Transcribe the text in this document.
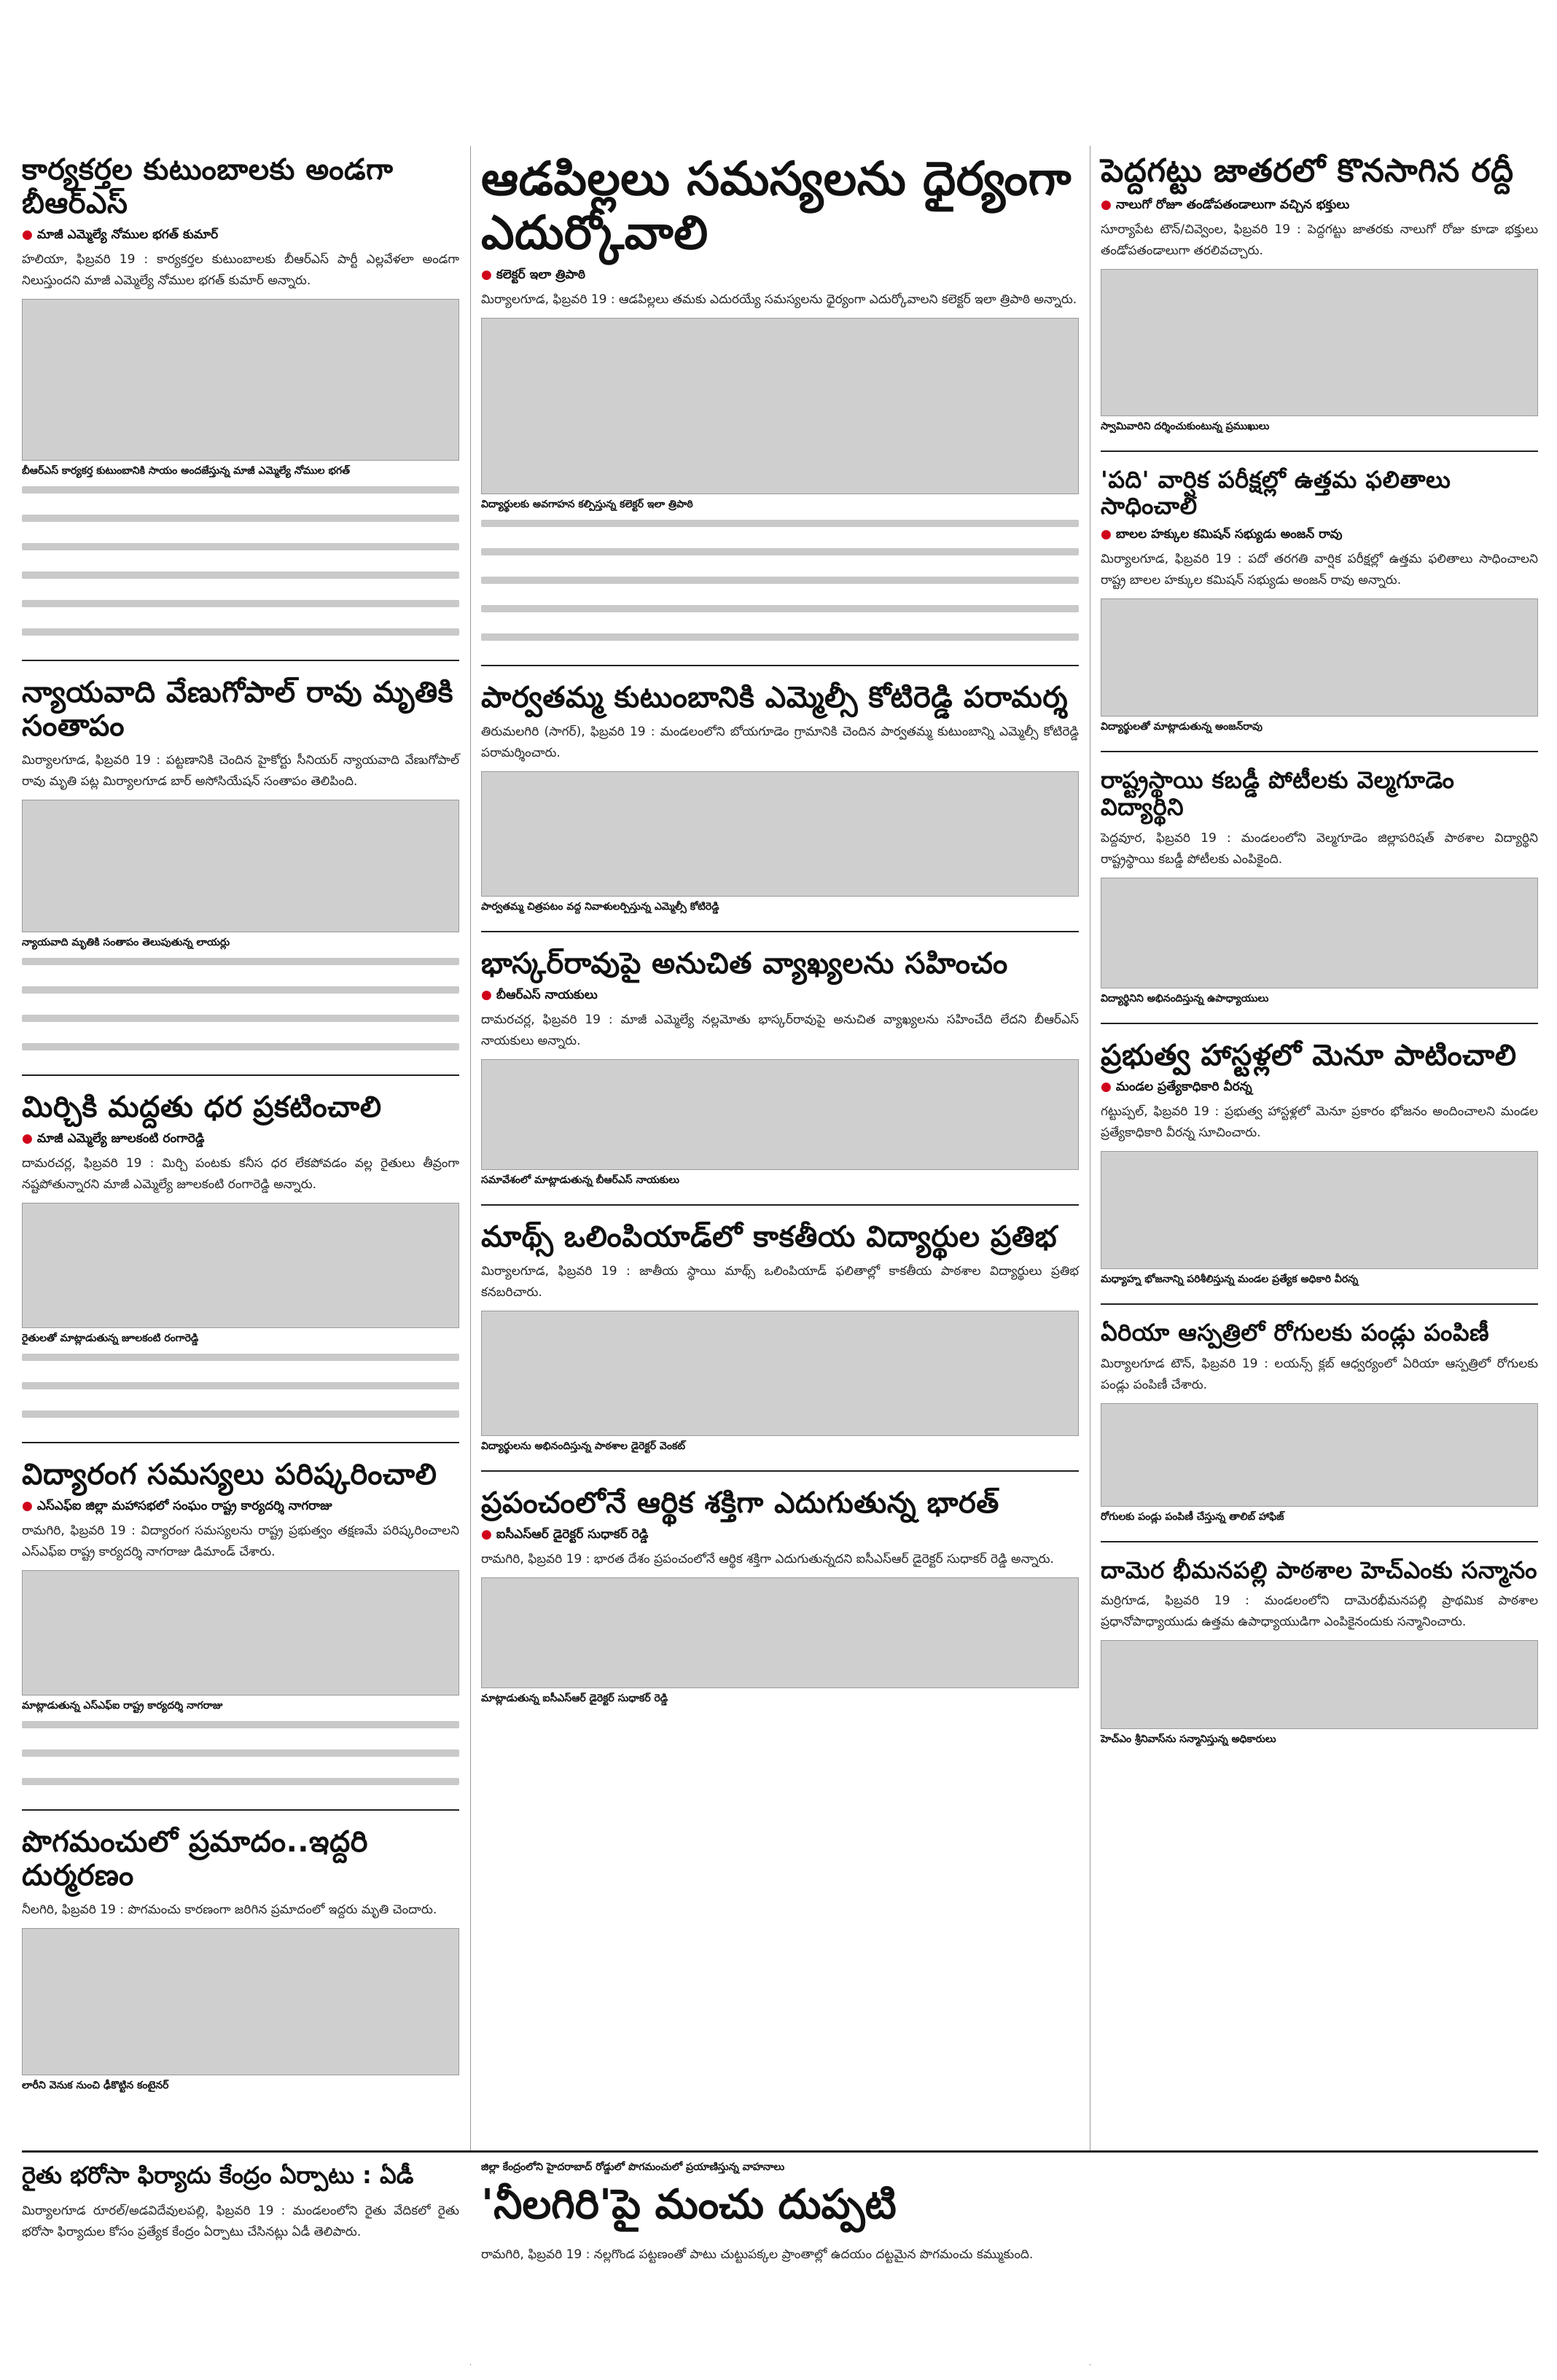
కార్యకర్తల కుటుంబాలకు అండగా బీఆర్ఎస్
● మాజీ ఎమ్మెల్యే నోముల భగత్ కుమార్
హలియా, ఫిబ్రవరి 19 : కార్యకర్తల కుటుంబాలకు బీఆర్ఎస్ పార్టీ ఎల్లవేళలా అండగా నిలుస్తుందని మాజీ ఎమ్మెల్యే నోముల భగత్ కుమార్ అన్నారు.
బీఆర్ఎస్ కార్యకర్త కుటుంబానికి సాయం అందజేస్తున్న మాజీ ఎమ్మెల్యే నోముల భగత్
న్యాయవాది వేణుగోపాల్ రావు మృతికి సంతాపం
మిర్యాలగూడ, ఫిబ్రవరి 19 : పట్టణానికి చెందిన హైకోర్టు సీనియర్ న్యాయవాది వేణుగోపాల్ రావు మృతి పట్ల మిర్యాలగూడ బార్ అసోసియేషన్ సంతాపం తెలిపింది.
న్యాయవాది మృతికి సంతాపం తెలుపుతున్న లాయర్లు
మిర్చికి మద్దతు ధర ప్రకటించాలి
● మాజీ ఎమ్మెల్యే జూలకంటి రంగారెడ్డి
దామరచర్ల, ఫిబ్రవరి 19 : మిర్చి పంటకు కనీస ధర లేకపోవడం వల్ల రైతులు తీవ్రంగా నష్టపోతున్నారని మాజీ ఎమ్మెల్యే జూలకంటి రంగారెడ్డి అన్నారు.
రైతులతో మాట్లాడుతున్న జూలకంటి రంగారెడ్డి
విద్యారంగ సమస్యలు పరిష్కరించాలి
● ఎస్ఎఫ్ఐ జిల్లా మహాసభలో సంఘం రాష్ట్ర కార్యదర్శి నాగరాజు
రామగిరి, ఫిబ్రవరి 19 : విద్యారంగ సమస్యలను రాష్ట్ర ప్రభుత్వం తక్షణమే పరిష్కరించాలని ఎస్ఎఫ్ఐ రాష్ట్ర కార్యదర్శి నాగరాజు డిమాండ్ చేశారు.
మాట్లాడుతున్న ఎస్ఎఫ్ఐ రాష్ట్ర కార్యదర్శి నాగరాజు
పొగమంచులో ప్రమాదం..ఇద్దరి దుర్మరణం
నీలగిరి, ఫిబ్రవరి 19 : పొగమంచు కారణంగా జరిగిన ప్రమాదంలో ఇద్దరు మృతి చెందారు.
లారీని వెనుక నుంచి ఢీకొట్టిన కంటైనర్
ఆడపిల్లలు సమస్యలను ధైర్యంగా ఎదుర్కోవాలి
● కలెక్టర్ ఇలా త్రిపాఠి
మిర్యాలగూడ, ఫిబ్రవరి 19 : ఆడపిల్లలు తమకు ఎదురయ్యే సమస్యలను ధైర్యంగా ఎదుర్కోవాలని కలెక్టర్ ఇలా త్రిపాఠి అన్నారు.
విద్యార్థులకు అవగాహన కల్పిస్తున్న కలెక్టర్ ఇలా త్రిపాఠి
పార్వతమ్మ కుటుంబానికి ఎమ్మెల్సీ కోటిరెడ్డి పరామర్శ
తిరుమలగిరి (సాగర్), ఫిబ్రవరి 19 : మండలంలోని బోయగూడెం గ్రామానికి చెందిన పార్వతమ్మ కుటుంబాన్ని ఎమ్మెల్సీ కోటిరెడ్డి పరామర్శించారు.
పార్వతమ్మ చిత్రపటం వద్ద నివాళులర్పిస్తున్న ఎమ్మెల్సీ కోటిరెడ్డి
భాస్కర్‌రావుపై అనుచిత వ్యాఖ్యలను సహించం
● బీఆర్ఎస్ నాయకులు
దామరచర్ల, ఫిబ్రవరి 19 : మాజీ ఎమ్మెల్యే నల్లమోతు భాస్కర్‌రావుపై అనుచిత వ్యాఖ్యలను సహించేది లేదని బీఆర్ఎస్ నాయకులు అన్నారు.
సమావేశంలో మాట్లాడుతున్న బీఆర్ఎస్ నాయకులు
మాథ్స్ ఒలింపియాడ్‌లో కాకతీయ విద్యార్థుల ప్రతిభ
మిర్యాలగూడ, ఫిబ్రవరి 19 : జాతీయ స్థాయి మాథ్స్ ఒలింపియాడ్ ఫలితాల్లో కాకతీయ పాఠశాల విద్యార్థులు ప్రతిభ కనబరిచారు.
విద్యార్థులను అభినందిస్తున్న పాఠశాల డైరెక్టర్ వెంకట్
ప్రపంచంలోనే ఆర్థిక శక్తిగా ఎదుగుతున్న భారత్
● ఐసీఎస్ఆర్ డైరెక్టర్ సుధాకర్ రెడ్డి
రామగిరి, ఫిబ్రవరి 19 : భారత దేశం ప్రపంచంలోనే ఆర్థిక శక్తిగా ఎదుగుతున్నదని ఐసీఎస్ఆర్ డైరెక్టర్ సుధాకర్ రెడ్డి అన్నారు.
మాట్లాడుతున్న ఐసీఎస్ఆర్ డైరెక్టర్ సుధాకర్ రెడ్డి
పెద్దగట్టు జాతరలో కొనసాగిన రద్దీ
● నాలుగో రోజూ తండోపతండాలుగా వచ్చిన భక్తులు
సూర్యాపేట టౌన్/చివ్వెంల, ఫిబ్రవరి 19 : పెద్దగట్టు జాతరకు నాలుగో రోజు కూడా భక్తులు తండోపతండాలుగా తరలివచ్చారు.
స్వామివారిని దర్శించుకుంటున్న ప్రముఖులు
'పది' వార్షిక పరీక్షల్లో ఉత్తమ ఫలితాలు సాధించాలి
● బాలల హక్కుల కమిషన్ సభ్యుడు అంజన్ రావు
మిర్యాలగూడ, ఫిబ్రవరి 19 : పదో తరగతి వార్షిక పరీక్షల్లో ఉత్తమ ఫలితాలు సాధించాలని రాష్ట్ర బాలల హక్కుల కమిషన్ సభ్యుడు అంజన్ రావు అన్నారు.
విద్యార్థులతో మాట్లాడుతున్న అంజన్‌రావు
రాష్ట్రస్థాయి కబడ్డీ పోటీలకు వెల్మగూడెం విద్యార్థిని
పెద్దవూర, ఫిబ్రవరి 19 : మండలంలోని వెల్మగూడెం జిల్లాపరిషత్ పాఠశాల విద్యార్థిని రాష్ట్రస్థాయి కబడ్డీ పోటీలకు ఎంపికైంది.
విద్యార్థినిని అభినందిస్తున్న ఉపాధ్యాయులు
ప్రభుత్వ హాస్టళ్లలో మెనూ పాటించాలి
● మండల ప్రత్యేకాధికారి వీరన్న
గట్టుప్పల్, ఫిబ్రవరి 19 : ప్రభుత్వ హాస్టళ్లలో మెనూ ప్రకారం భోజనం అందించాలని మండల ప్రత్యేకాధికారి వీరన్న సూచించారు.
మధ్యాహ్న భోజనాన్ని పరిశీలిస్తున్న మండల ప్రత్యేక అధికారి వీరన్న
ఏరియా ఆస్పత్రిలో రోగులకు పండ్లు పంపిణీ
మిర్యాలగూడ టౌన్, ఫిబ్రవరి 19 : లయన్స్ క్లబ్ ఆధ్వర్యంలో ఏరియా ఆస్పత్రిలో రోగులకు పండ్లు పంపిణీ చేశారు.
రోగులకు పండ్లు పంపిణీ చేస్తున్న తాలిబ్‌ హాఫిజ్
దామెర భీమనపల్లి పాఠశాల హెచ్‌ఎంకు సన్మానం
మర్రిగూడ, ఫిబ్రవరి 19 : మండలంలోని దామెరభీమనపల్లి ప్రాథమిక పాఠశాల ప్రధానోపాధ్యాయుడు ఉత్తమ ఉపాధ్యాయుడిగా ఎంపికైనందుకు సన్మానించారు.
హెచ్‌ఎం శ్రీనివాస్‌ను సన్మానిస్తున్న అధికారులు
రైతు భరోసా ఫిర్యాదు కేంద్రం ఏర్పాటు : ఏడీ
మిర్యాలగూడ రూరల్/అడవిదేవులపల్లి, ఫిబ్రవరి 19 : మండలంలోని రైతు వేదికలో రైతు భరోసా ఫిర్యాదుల కోసం ప్రత్యేక కేంద్రం ఏర్పాటు చేసినట్లు ఏడీ తెలిపారు.
జిల్లా కేంద్రంలోని హైదరాబాద్ రోడ్డులో పొగమంచులో ప్రయాణిస్తున్న వాహనాలు
'నీలగిరి'పై మంచు దుప్పటి
రామగిరి, ఫిబ్రవరి 19 : నల్లగొండ పట్టణంతో పాటు చుట్టుపక్కల ప్రాంతాల్లో ఉదయం దట్టమైన పొగమంచు కమ్ముకుంది.
